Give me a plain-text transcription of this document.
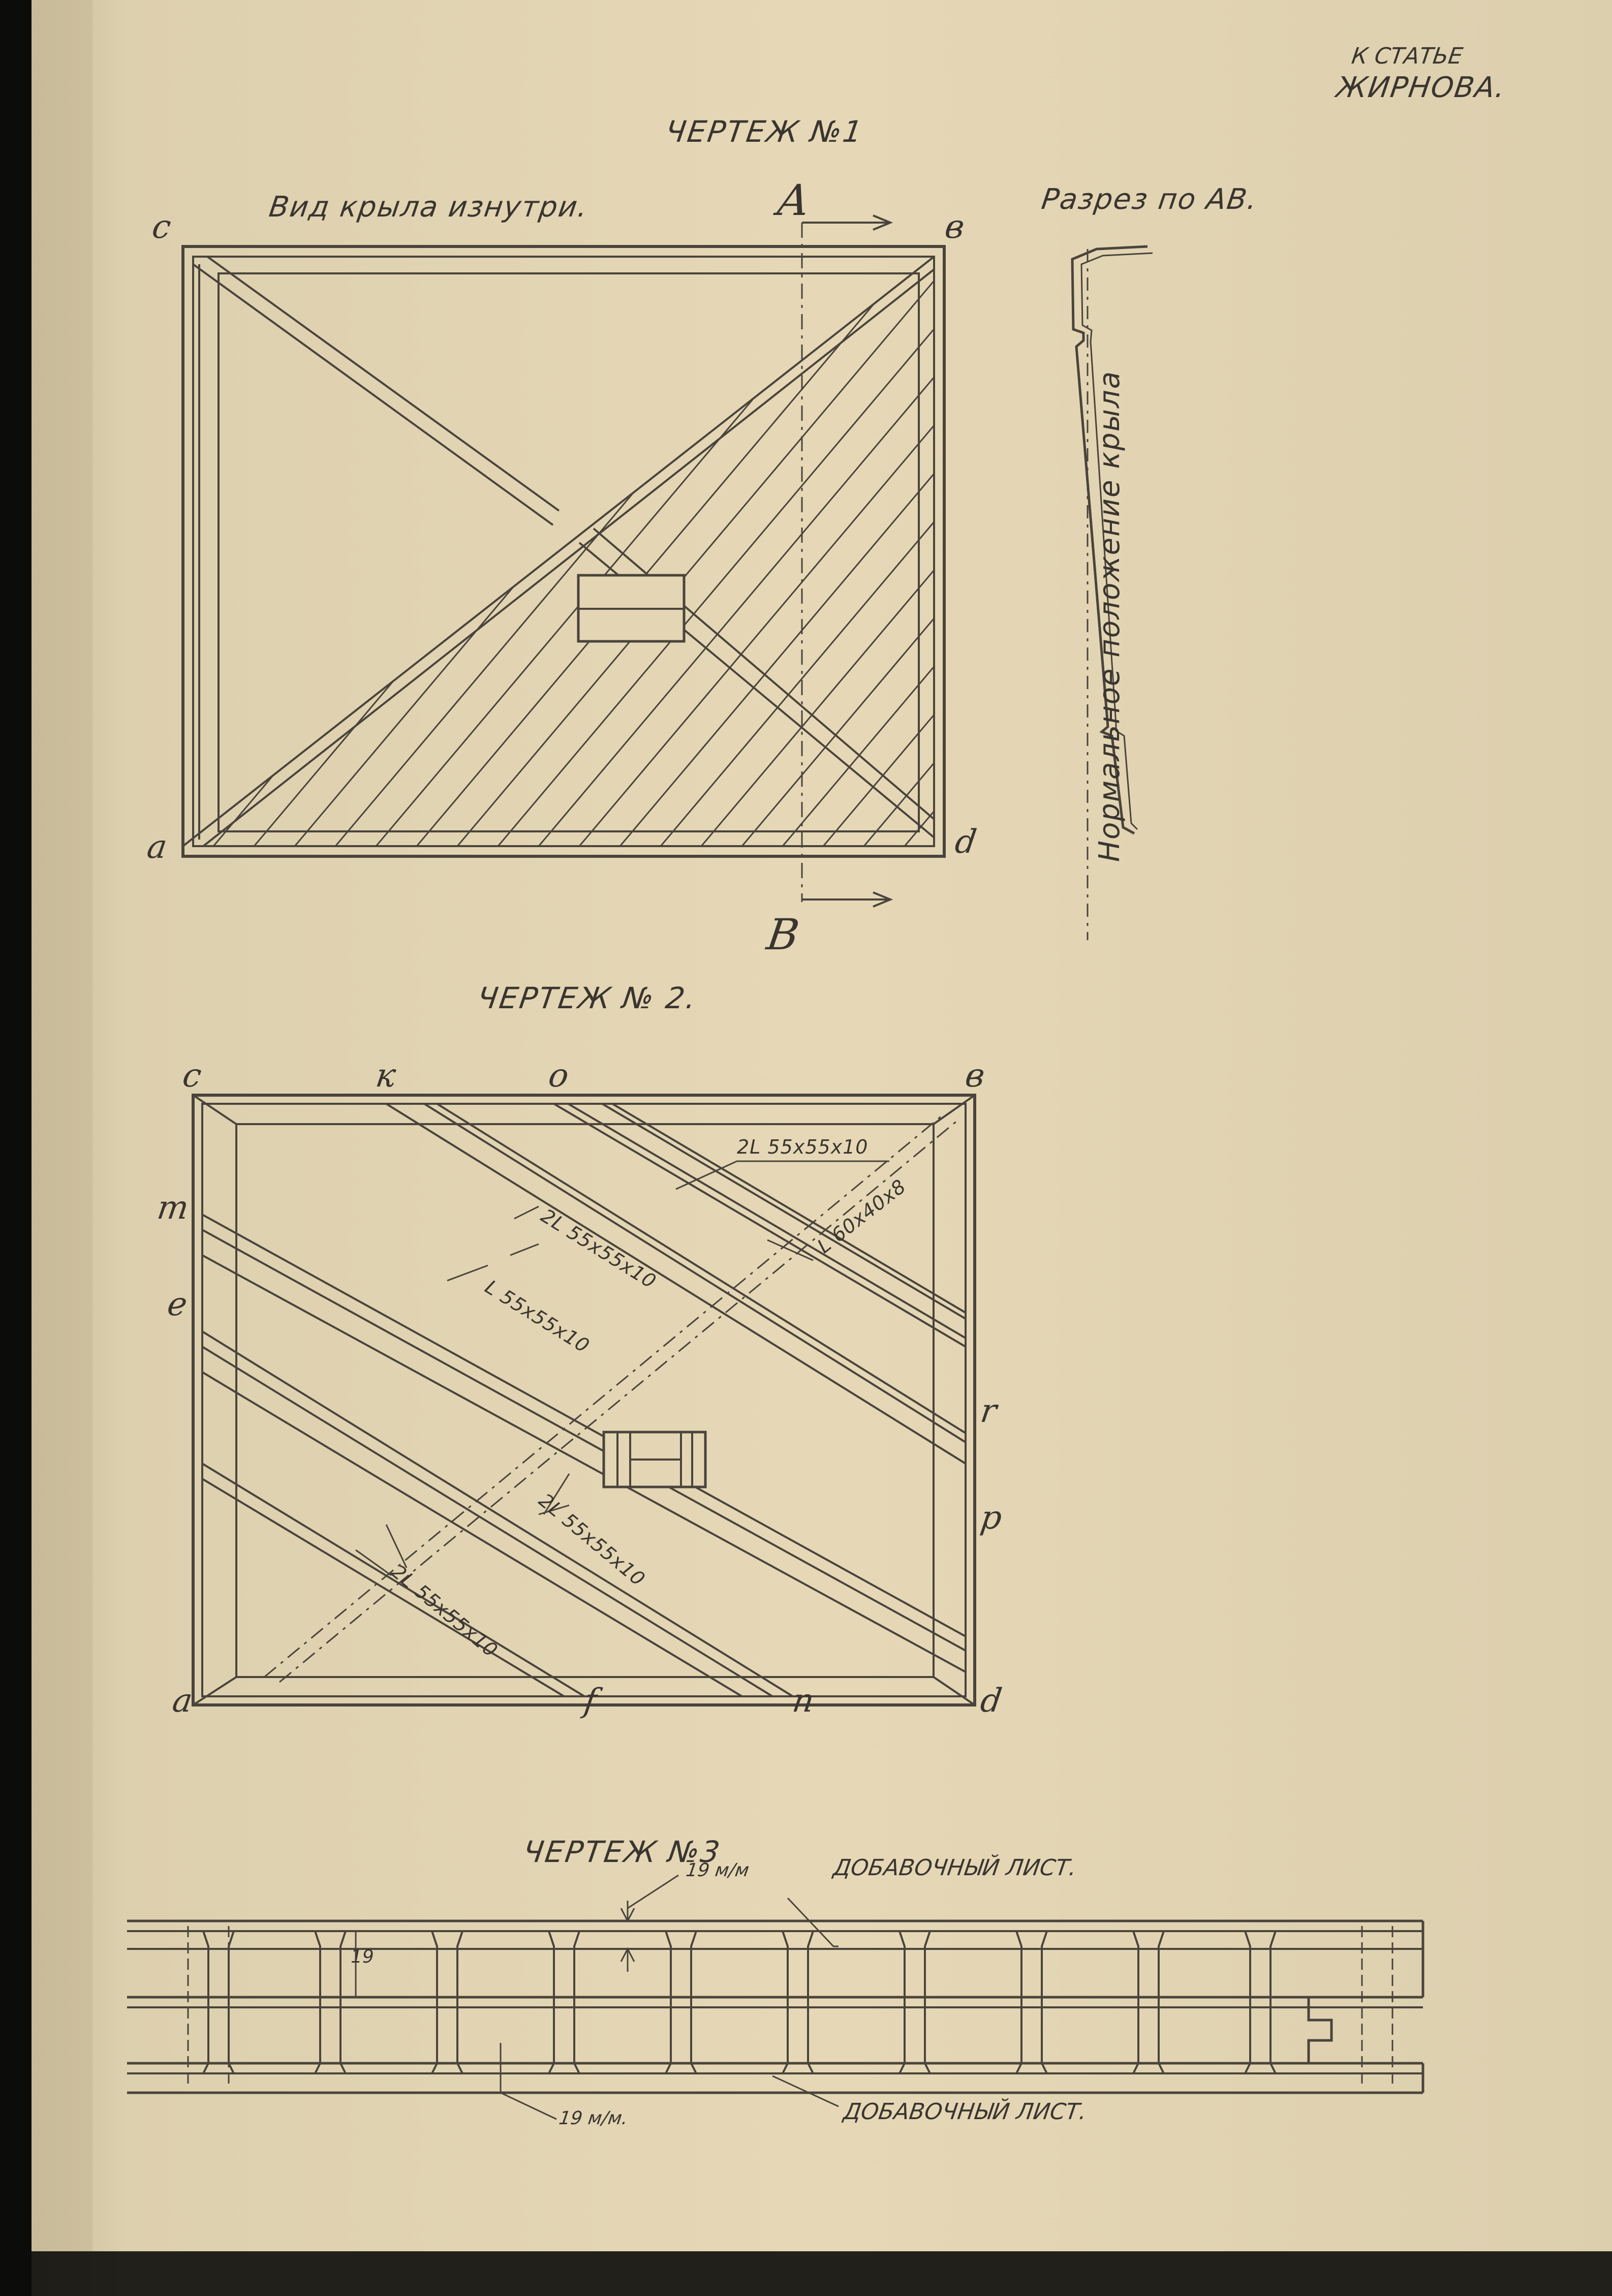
К СТАТЬЕ
ЖИРНОВА.
ЧЕРТЕЖ №1
Вид крыла изнутри.	Разрез по АВ.
А
В
c	в
a	d	Нормальное положение крыла
ЧЕРТЕЖ № 2.
c	в
a	d
к	о
m
e
r
p
f	n
2L 55х55х10
2L 55х55х10
L 55х55х10
L 60х40х8
2L 55х55х10
2L 55х55х10
ЧЕРТЕЖ №3	ДОБАВОЧНЫЙ ЛИСТ.
ДОБАВОЧНЫЙ ЛИСТ.
19 м/м
19 м/м.
19
